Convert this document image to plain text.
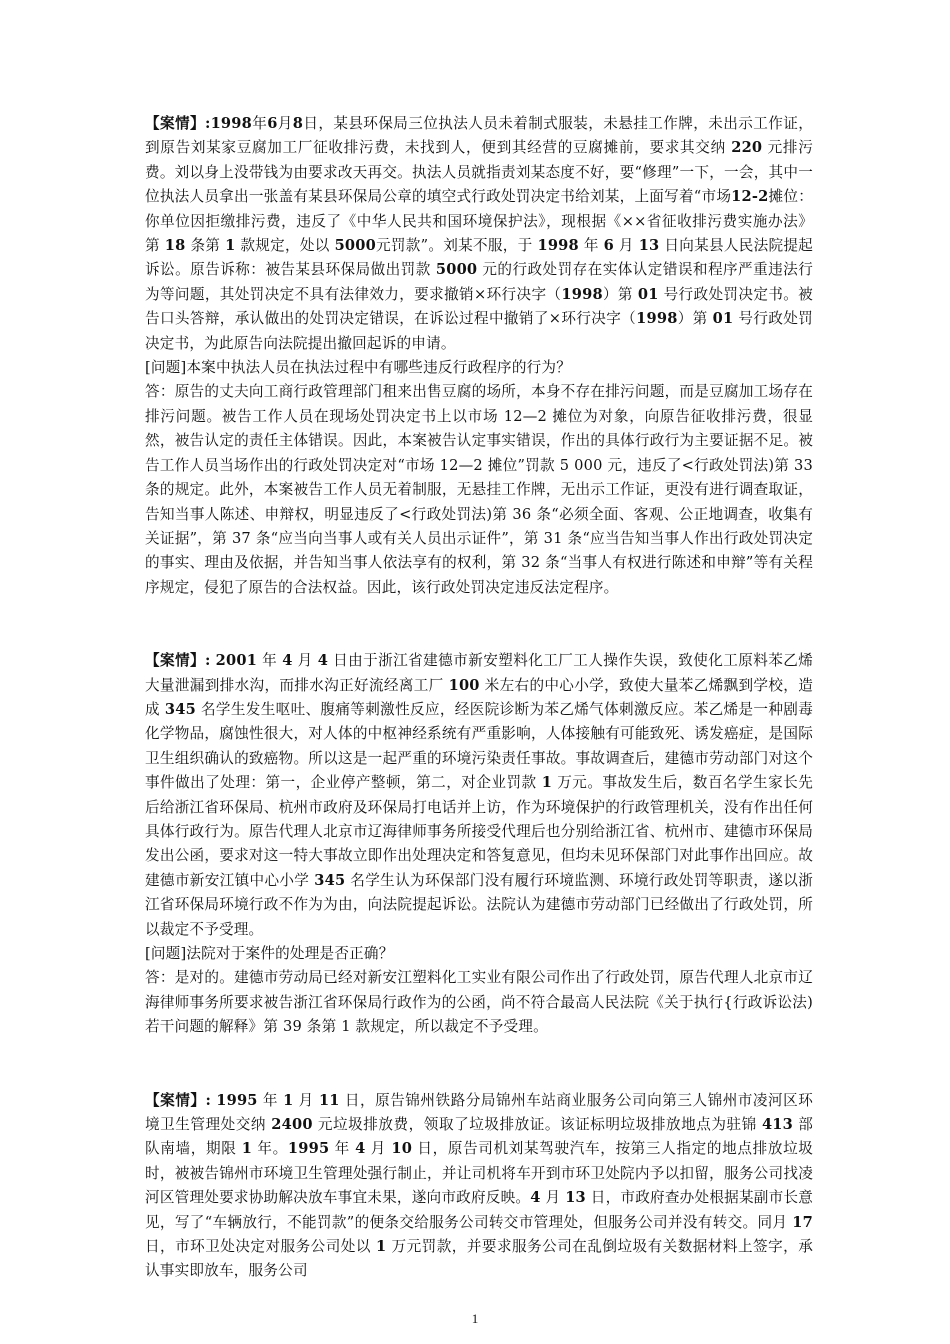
【案情】:1998年6月8日，某县环保局三位执法人员未着制式服装，未悬挂工作牌，未出示工作证，到原告刘某家豆腐加工厂征收排污费，未找到人，便到其经营的豆腐摊前，要求其交纳 220 元排污费。刘以身上没带钱为由要求改天再交。执法人员就指责刘某态度不好，要“修理”一下，一会，其中一位执法人员拿出一张盖有某县环保局公章的填空式行政处罚决定书给刘某，上面写着“市场12-2摊位：你单位因拒缴排污费，违反了《中华人民共和国环境保护法》，现根据《××省征收排污费实施办法》第 18 条第 1 款规定，处以 5000元罚款”。刘某不服，于 1998 年 6 月 13 日向某县人民法院提起诉讼。原告诉称：被告某县环保局做出罚款 5000 元的行政处罚存在实体认定错误和程序严重违法行为等问题，其处罚决定不具有法律效力，要求撤销×环行决字（1998）第 01 号行政处罚决定书。被告口头答辩，承认做出的处罚决定错误，在诉讼过程中撤销了×环行决字（1998）第 01 号行政处罚决定书，为此原告向法院提出撤回起诉的申请。

[问题]本案中执法人员在执法过程中有哪些违反行政程序的行为？

答：原告的丈夫向工商行政管理部门租来出售豆腐的场所，本身不存在排污问题，而是豆腐加工场存在排污问题。被告工作人员在现场处罚决定书上以市场 12—2 摊位为对象，向原告征收排污费，很显然，被告认定的责任主体错误。因此，本案被告认定事实错误，作出的具体行政行为主要证据不足。被告工作人员当场作出的行政处罚决定对“市场 12—2 摊位”罚款 5 000 元，违反了<行政处罚法)第 33 条的规定。此外，本案被告工作人员无着制服，无悬挂工作牌，无出示工作证，更没有进行调查取证，告知当事人陈述、申辩权，明显违反了<行政处罚法)第 36 条“必须全面、客观、公正地调查，收集有关证据”，第 37 条“应当向当事人或有关人员出示证件”，第 31 条“应当告知当事人作出行政处罚决定的事实、理由及依据，并告知当事人依法享有的权利，第 32 条“当事人有权进行陈述和申辩”等有关程序规定，侵犯了原告的合法权益。因此，该行政处罚决定违反法定程序。

【案情】: 2001 年 4 月 4 日由于浙江省建德市新安塑料化工厂工人操作失误，致使化工原料苯乙烯大量泄漏到排水沟，而排水沟正好流经离工厂 100 米左右的中心小学，致使大量苯乙烯飘到学校，造成 345 名学生发生呕吐、腹痛等刺激性反应，经医院诊断为苯乙烯气体刺激反应。苯乙烯是一种剧毒化学物品，腐蚀性很大，对人体的中枢神经系统有严重影响，人体接触有可能致死、诱发癌症，是国际卫生组织确认的致癌物。所以这是一起严重的环境污染责任事故。事故调查后，建德市劳动部门对这个事件做出了处理：第一，企业停产整顿，第二，对企业罚款 1 万元。事故发生后，数百名学生家长先后给浙江省环保局、杭州市政府及环保局打电话并上访，作为环境保护的行政管理机关，没有作出任何具体行政行为。原告代理人北京市辽海律师事务所接受代理后也分别给浙江省、杭州市、建德市环保局发出公函，要求对这一特大事故立即作出处理决定和答复意见，但均未见环保部门对此事作出回应。故建德市新安江镇中心小学 345 名学生认为环保部门没有履行环境监测、环境行政处罚等职责，遂以浙江省环保局环境行政不作为为由，向法院提起诉讼。法院认为建德市劳动部门已经做出了行政处罚，所以裁定不予受理。

[问题]法院对于案件的处理是否正确？

答：是对的。建德市劳动局已经对新安江塑料化工实业有限公司作出了行政处罚，原告代理人北京市辽海律师事务所要求被告浙江省环保局行政作为的公函，尚不符合最高人民法院《关于执行{行政诉讼法)若干问题的解释》第 39 条第 1 款规定，所以裁定不予受理。

【案情】: 1995 年 1 月 11 日，原告锦州铁路分局锦州车站商业服务公司向第三人锦州市凌河区环境卫生管理处交纳 2400 元垃圾排放费，领取了垃圾排放证。该证标明垃圾排放地点为驻锦 413 部队南墙，期限 1 年。1995 年 4 月 10 日，原告司机刘某驾驶汽车，按第三人指定的地点排放垃圾时，被被告锦州市环境卫生管理处强行制止，并让司机将车开到市环卫处院内予以扣留，服务公司找凌河区管理处要求协助解决放车事宜未果，遂向市政府反映。4 月 13 日，市政府查办处根据某副市长意见，写了“车辆放行，不能罚款”的便条交给服务公司转交市管理处，但服务公司并没有转交。同月 17 日，市环卫处决定对服务公司处以 1 万元罚款，并要求服务公司在乱倒垃圾有关数据材料上签字，承认事实即放车，服务公司

1
